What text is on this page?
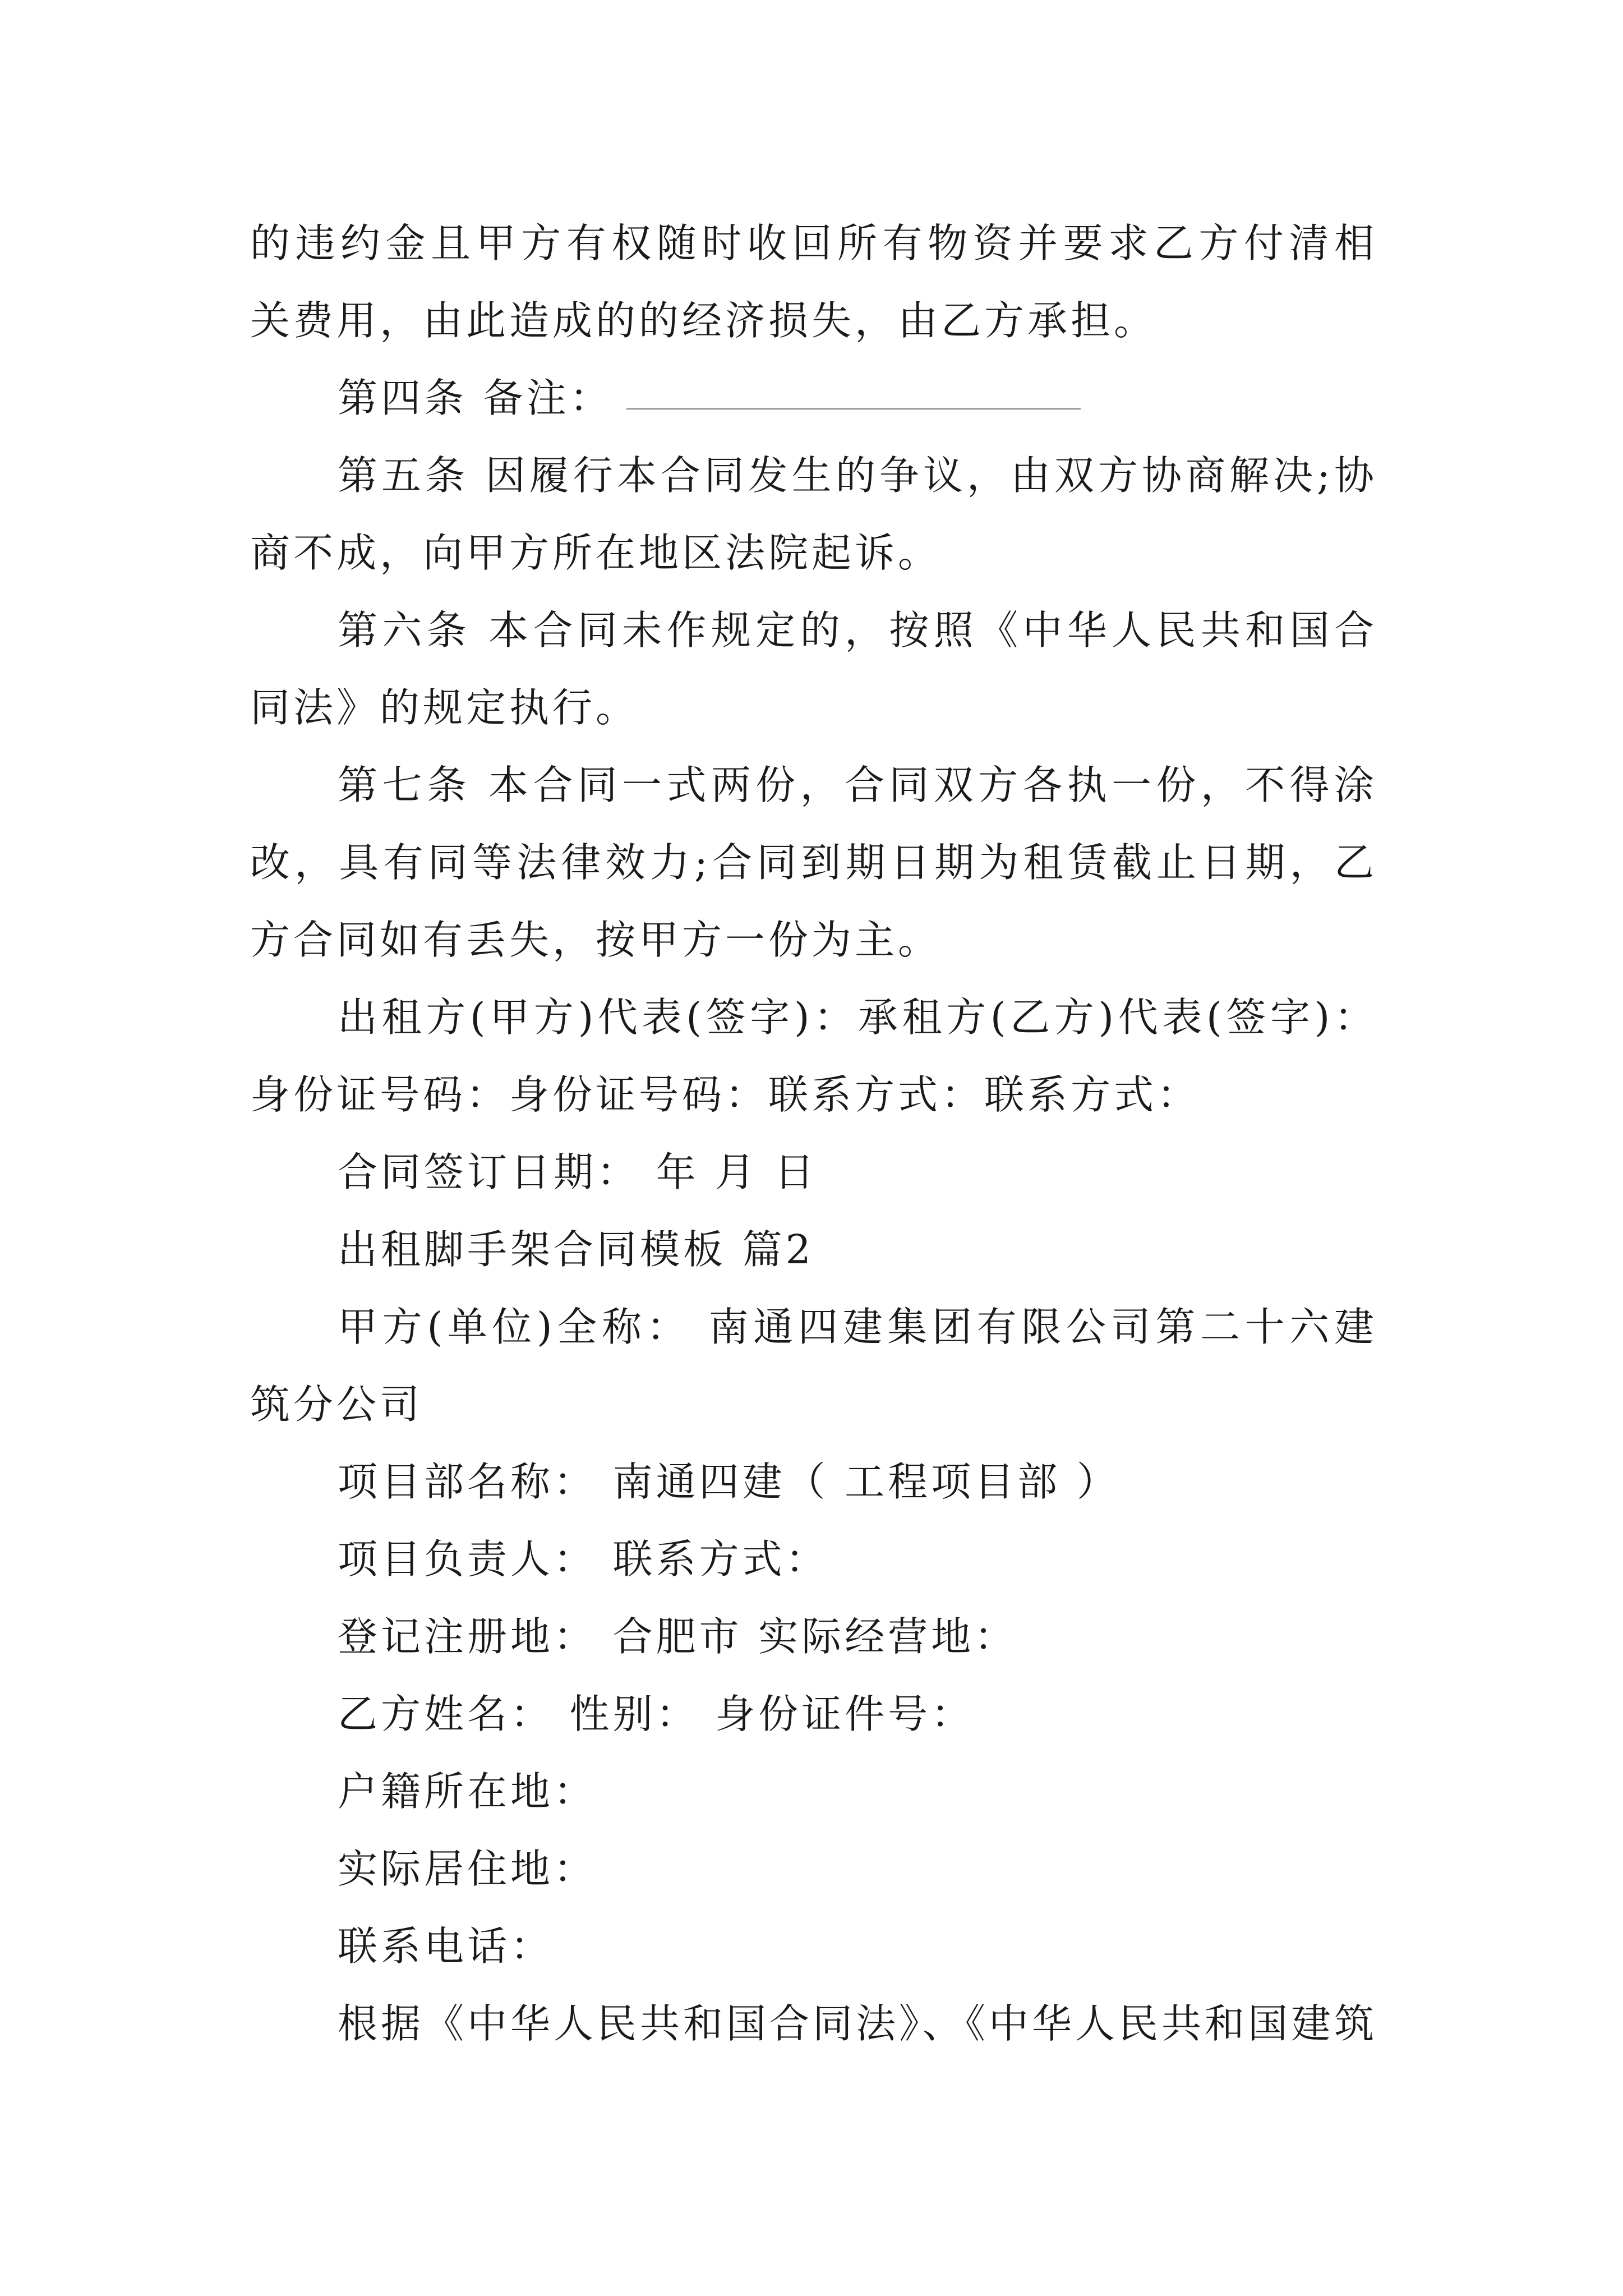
的违约金且甲方有权随时收回所有物资并要求乙方付清相
关费用，由此造成的的经济损失，由乙方承担。
第四条 备注：
第五条 因履行本合同发生的争议，由双方协商解决;协
商不成，向甲方所在地区法院起诉。
第六条 本合同未作规定的，按照《中华人民共和国合
同法》的规定执行。
第七条 本合同一式两份，合同双方各执一份，不得涂
改，具有同等法律效力;合同到期日期为租赁截止日期，乙
方合同如有丢失，按甲方一份为主。
出租方(甲方)代表(签字)：承租方(乙方)代表(签字)：
身份证号码：身份证号码：联系方式：联系方式：
合同签订日期： 年 月 日
出租脚手架合同模板 篇2
甲方(单位)全称： 南通四建集团有限公司第二十六建
筑分公司
项目部名称： 南通四建（ 工程项目部 ）
项目负责人： 联系方式：
登记注册地： 合肥市 实际经营地：
乙方姓名： 性别： 身份证件号：
户籍所在地：
实际居住地：
联系电话：
根据《中华人民共和国合同法》、《中华人民共和国建筑
